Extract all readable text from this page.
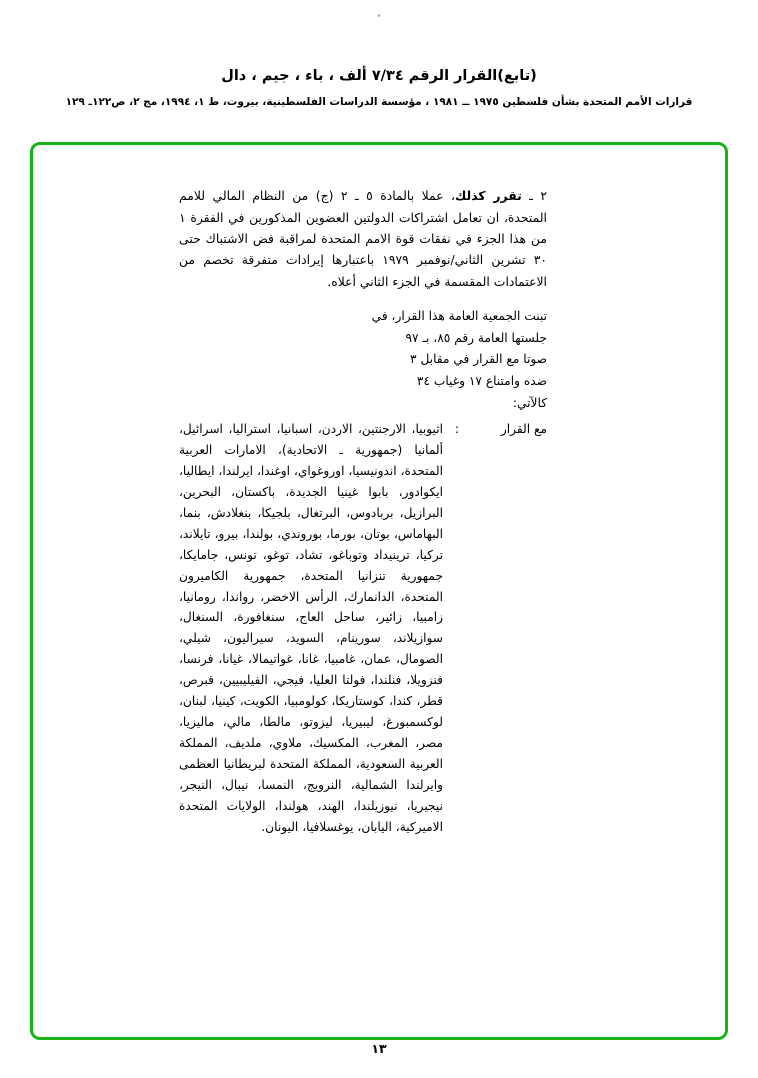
(تابع)القرار الرقم ٧/٣٤ ألف ، باء ، جيم ، دال
قرارات الأمم المتحدة بشأن فلسطين ١٩٧٥ ــ ١٩٨١ ، مؤسسة الدراسات الفلسطينية، بيروت، ط ١، ١٩٩٤، مج ٢، ص١٢٢ـ ١٢٩

٢ ـ تقرر كذلك، عملا بالمادة ٥ ـ ٢ (ج) من النظام المالي للامم المتحدة، ان تعامل اشتراكات الدولتين العضوين المذكورين في الفقرة ١ من هذا الجزء في نفقات قوة الامم المتحدة لمراقبة فض الاشتباك حتى ٣٠ تشرين الثاني/نوفمبر ١٩٧٩ باعتبارها إيرادات متفرقة تخصم من الاعتمادات المقسمة في الجزء الثاني أعلاه.

تبنت الجمعية العامة هذا القرار، في
جلستها العامة رقم ٨٥، بـ ٩٧
صوتا مع القرار في مقابل ٣
ضده وامتناع ١٧ وغياب ٣٤
كالآتي:
مع القرار
:
اثيوبيا، الارجنتين، الاردن، اسبانيا، استراليا، اسرائيل، ألمانيا (جمهورية ـ الاتحادية)، الامارات العربية المتحدة، اندونيسيا، اوروغواي، اوغندا، ايرلندا، ايطاليا، ايكوادور، بابوا غينيا الجديدة، باكستان، البحرين، البرازيل، بربادوس، البرتغال، بلجيكا، بنغلادش، بنما، البهاماس، بوتان، بورما، بوروندي، بولندا، بيرو، تايلاند، تركيا، ترينيداد وتوباغو، تشاد، توغو، تونس، جامايكا، جمهورية تنزانيا المتحدة، جمهورية الكاميرون المتحدة، الدانمارك، الرأس الاخضر، رواندا، رومانيا، زامبيا، زائير، ساحل العاج، سنغافورة، السنغال، سوازيلاند، سورينام، السويد، سيراليون، شيلي، الصومال، عمان، غامبيا، غانا، غواتيمالا، غيانا، فرنسا، فنزويلا، فنلندا، فولتا العليا، فيجي، الفيليبيين، قبرص، قطر، كندا، كوستاريكا، كولومبيا، الكويت، كينيا، لبنان، لوكسمبورغ، ليبيريا، ليزوتو، مالطا، مالي، ماليزيا، مصر، المغرب، المكسيك، ملاوي، ملديف، المملكة العربية السعودية، المملكة المتحدة لبريطانيا العظمى وايرلندا الشمالية، النرويج، النمسا، نيبال، النيجر، نيجيريا، نيوزيلندا، الهند، هولندا، الولايات المتحدة الاميركية، اليابان، يوغسلافيا، اليونان.
١٣
